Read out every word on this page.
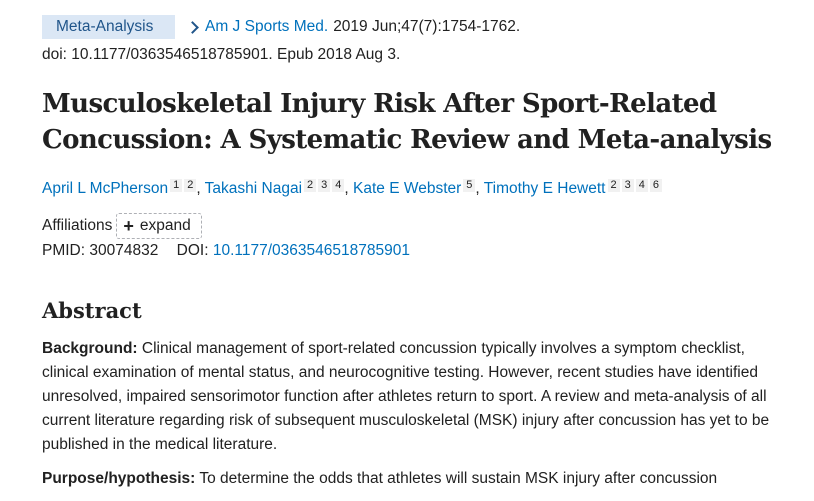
Meta-Analysis	Am J Sports Med. 2019 Jun;47(7):1754-1762.
doi: 10.1177/0363546518785901. Epub 2018 Aug 3.
Musculoskeletal Injury Risk After Sport-Related Concussion: A Systematic Review and Meta-analysis
April L McPherson 1 2 , Takashi Nagai 2 3 4 , Kate E Webster 5 , Timothy E Hewett 2 3 4 6
Affiliations + expand
PMID: 30074832 DOI: 10.1177/0363546518785901
Abstract

Background: Clinical management of sport-related concussion typically involves a symptom checklist, clinical examination of mental status, and neurocognitive testing. However, recent studies have identified unresolved, impaired sensorimotor function after athletes return to sport. A review and meta-analysis of all current literature regarding risk of subsequent musculoskeletal (MSK) injury after concussion has yet to be published in the medical literature.

Purpose/hypothesis: To determine the odds that athletes will sustain MSK injury after concussion
